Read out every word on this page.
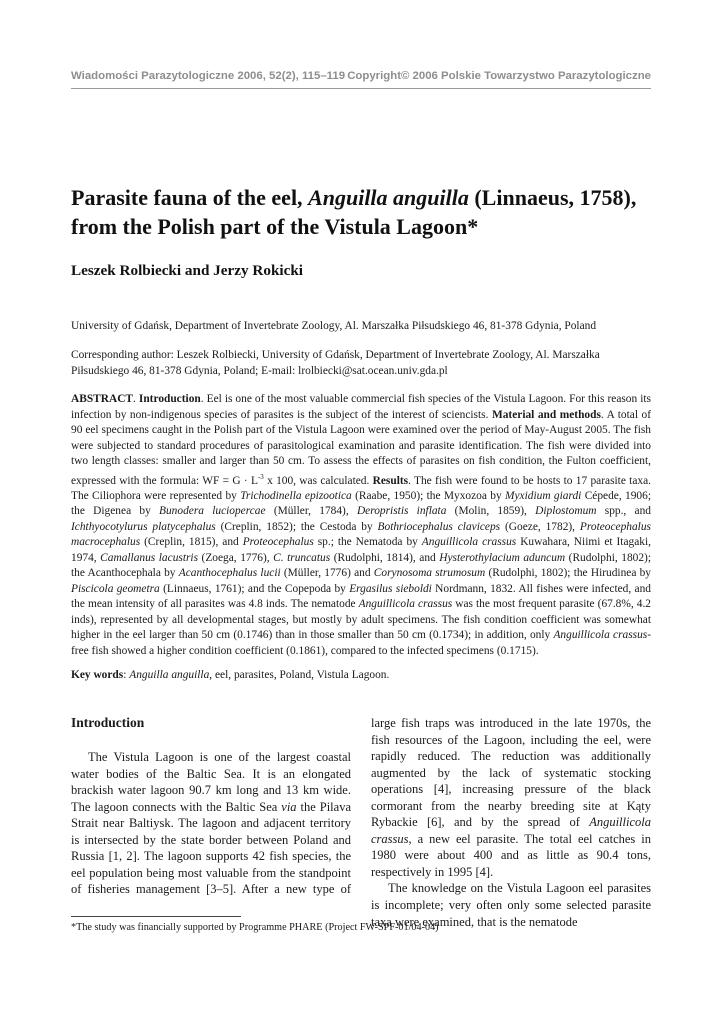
Wiadomości Parazytologiczne 2006, 52(2), 115–119 Copyright© 2006 Polskie Towarzystwo Parazytologiczne
Parasite fauna of the eel, Anguilla anguilla (Linnaeus, 1758), from the Polish part of the Vistula Lagoon*

Leszek Rolbiecki and Jerzy Rokicki

University of Gdańsk, Department of Invertebrate Zoology, Al. Marszałka Piłsudskiego 46, 81-378 Gdynia, Poland

Corresponding author: Leszek Rolbiecki, University of Gdańsk, Department of Invertebrate Zoology, Al. Marszałka Piłsudskiego 46, 81-378 Gdynia, Poland; E-mail: lrolbiecki@sat.ocean.univ.gda.pl

ABSTRACT. Introduction. Eel is one of the most valuable commercial fish species of the Vistula Lagoon. For this reason its infection by non-indigenous species of parasites is the subject of the interest of sciencists. Material and methods. A total of 90 eel specimens caught in the Polish part of the Vistula Lagoon were examined over the period of May-August 2005. The fish were subjected to standard procedures of parasitological examination and parasite identification. The fish were divided into two length classes: smaller and larger than 50 cm. To assess the effects of parasites on fish condition, the Fulton coefficient, expressed with the formula: WF = $G \cdot L^{-3}$ x 100, was calculated. Results. The fish were found to be hosts to 17 parasite taxa. The Ciliophora were represented by Trichodinella epizootica (Raabe, 1950); the Myxozoa by Myxidium giardi Cépede, 1906; the Digenea by Bunodera luciopercae (Müller, 1784), Deropristis inflata (Molin, 1859), Diplostomum spp., and Ichthyocotylurus platycephalus (Creplin, 1852); the Cestoda by Bothriocephalus claviceps (Goeze, 1782), Proteocephalus macrocephalus (Creplin, 1815), and Proteocephalus sp.; the Nematoda by Anguillicola crassus Kuwahara, Niimi et Itagaki, 1974, Camallanus lacustris (Zoega, 1776), C. truncatus (Rudolphi, 1814), and Hysterothylacium aduncum (Rudolphi, 1802); the Acanthocephala by Acanthocephalus lucii (Müller, 1776) and Corynosoma strumosum (Rudolphi, 1802); the Hirudinea by Piscicola geometra (Linnaeus, 1761); and the Copepoda by Ergasilus sieboldi Nordmann, 1832. All fishes were infected, and the mean intensity of all parasites was 4.8 inds. The nematode Anguillicola crassus was the most frequent parasite (67.8%, 4.2 inds), represented by all developmental stages, but mostly by adult specimens. The fish condition coefficient was somewhat higher in the eel larger than 50 cm (0.1746) than in those smaller than 50 cm (0.1734); in addition, only Anguillicola crassus-free fish showed a higher condition coefficient (0.1861), compared to the infected specimens (0.1715).

Key words: Anguilla anguilla, eel, parasites, Poland, Vistula Lagoon.

Introduction

The Vistula Lagoon is one of the largest coastal water bodies of the Baltic Sea. It is an elongated brackish water lagoon 90.7 km long and 13 km wide. The lagoon connects with the Baltic Sea via the Pilava Strait near Baltiysk. The lagoon and adjacent territory is intersected by the state border between Poland and Russia [1, 2]. The lagoon supports 42 fish species, the eel population being most valuable from the standpoint of fisheries management [3–5]. After a new type of

large fish traps was introduced in the late 1970s, the fish resources of the Lagoon, including the eel, were rapidly reduced. The reduction was additionally augmented by the lack of systematic stocking operations [4], increasing pressure of the black cormorant from the nearby breeding site at Kąty Rybackie [6], and by the spread of Anguillicola crassus, a new eel parasite. The total eel catches in 1980 were about 400 and as little as 90.4 tons, respectively in 1995 [4].

The knowledge on the Vistula Lagoon eel parasites is incomplete; very often only some selected parasite taxa were examined, that is the nematode

*The study was financially supported by Programme PHARE (Project FW-SPF-01/04-04)
